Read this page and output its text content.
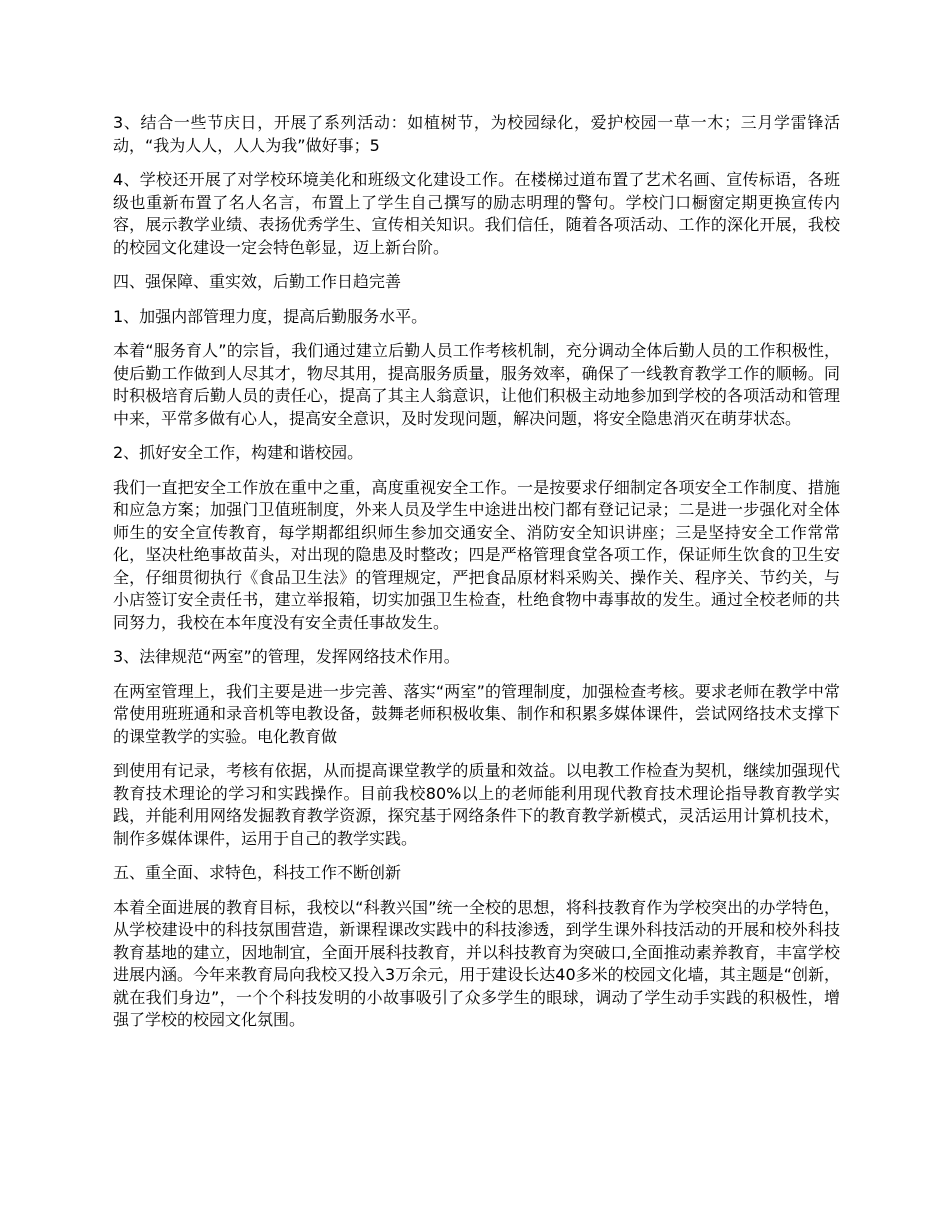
3、结合一些节庆日，开展了系列活动：如植树节，为校园绿化，爱护校园一草一木；三月学雷锋活动，“我为人人，人人为我”做好事；5

4、学校还开展了对学校环境美化和班级文化建设工作。在楼梯过道布置了艺术名画、宣传标语，各班级也重新布置了名人名言，布置上了学生自己撰写的励志明理的警句。学校门口橱窗定期更换宣传内容，展示教学业绩、表扬优秀学生、宣传相关知识。我们信任，随着各项活动、工作的深化开展，我校的校园文化建设一定会特色彰显，迈上新台阶。

四、强保障、重实效，后勤工作日趋完善

1、加强内部管理力度，提高后勤服务水平。

本着“服务育人”的宗旨，我们通过建立后勤人员工作考核机制，充分调动全体后勤人员的工作积极性，使后勤工作做到人尽其才，物尽其用，提高服务质量，服务效率，确保了一线教育教学工作的顺畅。同时积极培育后勤人员的责任心，提高了其主人翁意识，让他们积极主动地参加到学校的各项活动和管理中来，平常多做有心人，提高安全意识，及时发现问题，解决问题，将安全隐患消灭在萌芽状态。

2、抓好安全工作，构建和谐校园。

我们一直把安全工作放在重中之重，高度重视安全工作。一是按要求仔细制定各项安全工作制度、措施和应急方案；加强门卫值班制度，外来人员及学生中途进出校门都有登记记录；二是进一步强化对全体师生的安全宣传教育，每学期都组织师生参加交通安全、消防安全知识讲座；三是坚持安全工作常常化，坚决杜绝事故苗头，对出现的隐患及时整改；四是严格管理食堂各项工作，保证师生饮食的卫生安全，仔细贯彻执行《食品卫生法》的管理规定，严把食品原材料采购关、操作关、程序关、节约关，与小店签订安全责任书，建立举报箱，切实加强卫生检查，杜绝食物中毒事故的发生。通过全校老师的共同努力，我校在本年度没有安全责任事故发生。

3、法律规范“两室”的管理，发挥网络技术作用。

在两室管理上，我们主要是进一步完善、落实“两室”的管理制度，加强检查考核。要求老师在教学中常常使用班班通和录音机等电教设备，鼓舞老师积极收集、制作和积累多媒体课件，尝试网络技术支撑下的课堂教学的实验。电化教育做

到使用有记录，考核有依据，从而提高课堂教学的质量和效益。以电教工作检查为契机，继续加强现代教育技术理论的学习和实践操作。目前我校80%以上的老师能利用现代教育技术理论指导教育教学实践，并能利用网络发掘教育教学资源，探究基于网络条件下的教育教学新模式，灵活运用计算机技术，制作多媒体课件，运用于自己的教学实践。

五、重全面、求特色，科技工作不断创新

本着全面进展的教育目标，我校以“科教兴国”统一全校的思想，将科技教育作为学校突出的办学特色，从学校建设中的科技氛围营造，新课程课改实践中的科技渗透，到学生课外科技活动的开展和校外科技教育基地的建立，因地制宜，全面开展科技教育，并以科技教育为突破口,全面推动素养教育，丰富学校进展内涵。今年来教育局向我校又投入3万余元，用于建设长达40多米的校园文化墙，其主题是“创新，就在我们身边”，一个个科技发明的小故事吸引了众多学生的眼球，调动了学生动手实践的积极性，增强了学校的校园文化氛围。
